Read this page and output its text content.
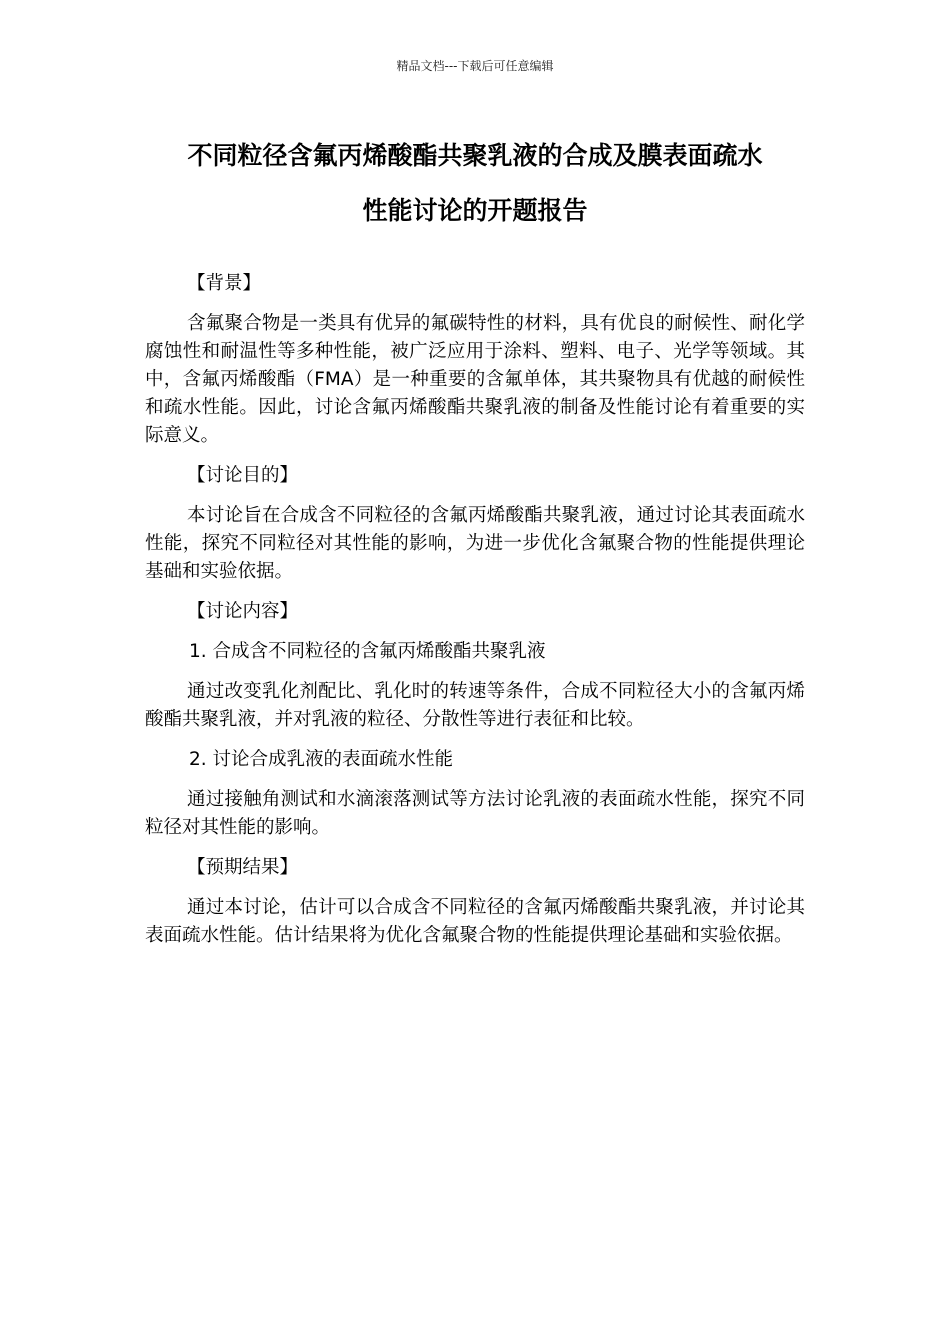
精品文档---下载后可任意编辑
不同粒径含氟丙烯酸酯共聚乳液的合成及膜表面疏水
性能讨论的开题报告
【背景】

含氟聚合物是一类具有优异的氟碳特性的材料，具有优良的耐候性、耐化学腐蚀性和耐温性等多种性能，被广泛应用于涂料、塑料、电子、光学等领域。其中，含氟丙烯酸酯（FMA）是一种重要的含氟单体，其共聚物具有优越的耐候性和疏水性能。因此，讨论含氟丙烯酸酯共聚乳液的制备及性能讨论有着重要的实际意义。

【讨论目的】

本讨论旨在合成含不同粒径的含氟丙烯酸酯共聚乳液，通过讨论其表面疏水性能，探究不同粒径对其性能的影响，为进一步优化含氟聚合物的性能提供理论基础和实验依据。

【讨论内容】
1. 合成含不同粒径的含氟丙烯酸酯共聚乳液

通过改变乳化剂配比、乳化时的转速等条件，合成不同粒径大小的含氟丙烯酸酯共聚乳液，并对乳液的粒径、分散性等进行表征和比较。

2. 讨论合成乳液的表面疏水性能

通过接触角测试和水滴滚落测试等方法讨论乳液的表面疏水性能，探究不同粒径对其性能的影响。

【预期结果】

通过本讨论，估计可以合成含不同粒径的含氟丙烯酸酯共聚乳液，并讨论其表面疏水性能。估计结果将为优化含氟聚合物的性能提供理论基础和实验依据。
